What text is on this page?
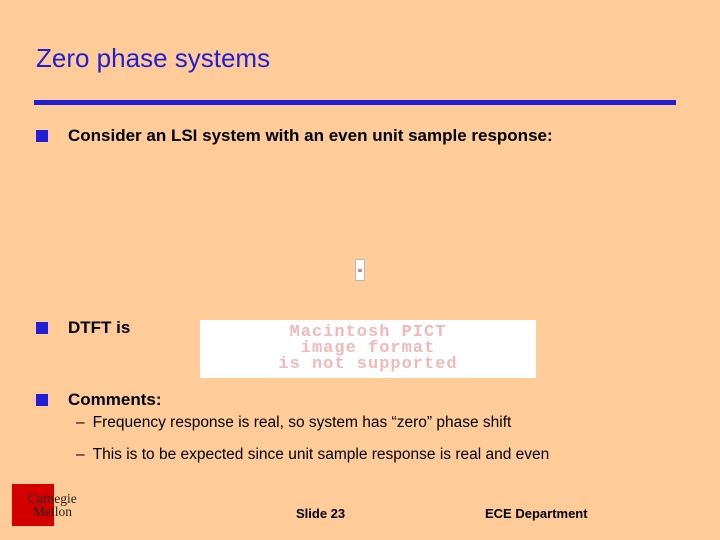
Zero phase systems
Consider an LSI system with an even unit sample response:
DTFT is	Macintosh PICT
image format
is not supported
Comments:
– Frequency response is real, so system has “zero” phase shift
– This is to be expected since unit sample response is real and even
Carnegie
Mellon	Slide 23	ECE Department
